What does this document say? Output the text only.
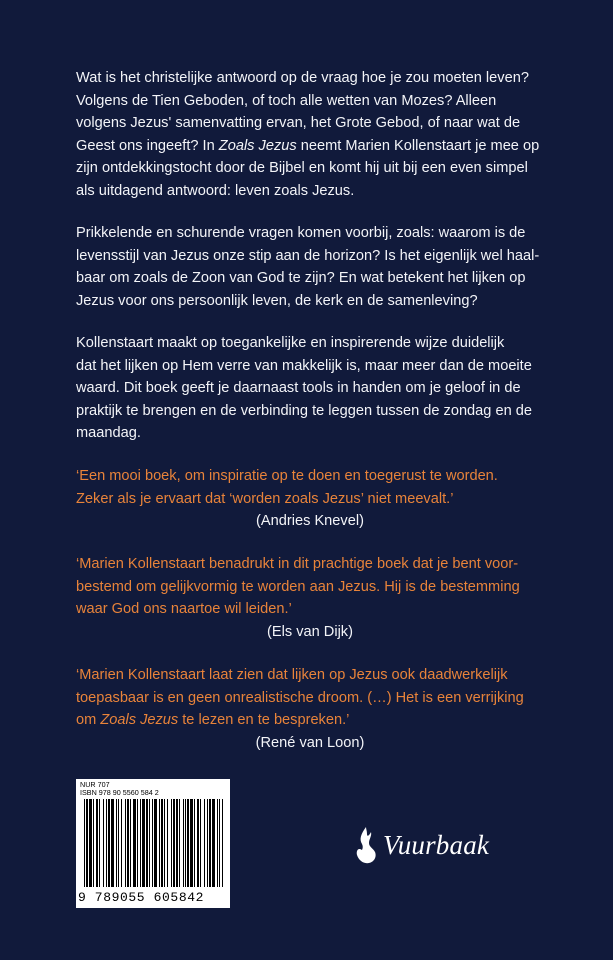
Wat is het christelijke antwoord op de vraag hoe je zou moeten leven?
Volgens de Tien Geboden, of toch alle wetten van Mozes? Alleen
volgens Jezus' samenvatting ervan, het Grote Gebod, of naar wat de
Geest ons ingeeft? In Zoals Jezus neemt Marien Kollenstaart je mee op
zijn ontdekkingstocht door de Bijbel en komt hij uit bij een even simpel
als uitdagend antwoord: leven zoals Jezus.
Prikkelende en schurende vragen komen voorbij, zoals: waarom is de
levensstijl van Jezus onze stip aan de horizon? Is het eigenlijk wel haal-
baar om zoals de Zoon van God te zijn? En wat betekent het lijken op
Jezus voor ons persoonlijk leven, de kerk en de samenleving?
Kollenstaart maakt op toegankelijke en inspirerende wijze duidelijk
dat het lijken op Hem verre van makkelijk is, maar meer dan de moeite
waard. Dit boek geeft je daarnaast tools in handen om je geloof in de
praktijk te brengen en de verbinding te leggen tussen de zondag en de
maandag.
‘Een mooi boek, om inspiratie op te doen en toegerust te worden.
Zeker als je ervaart dat ‘worden zoals Jezus’ niet meevalt.’
(Andries Knevel)
‘Marien Kollenstaart benadrukt in dit prachtige boek dat je bent voor-
bestemd om gelijkvormig te worden aan Jezus. Hij is de bestemming
waar God ons naartoe wil leiden.’
(Els van Dijk)
‘Marien Kollenstaart laat zien dat lijken op Jezus ook daadwerkelijk
toepasbaar is en geen onrealistische droom. (…) Het is een verrijking
om Zoals Jezus te lezen en te bespreken.’
(René van Loon)
NUR 707
ISBN 978 90 5560 584 2
9 789055 605842
Vuurbaak
